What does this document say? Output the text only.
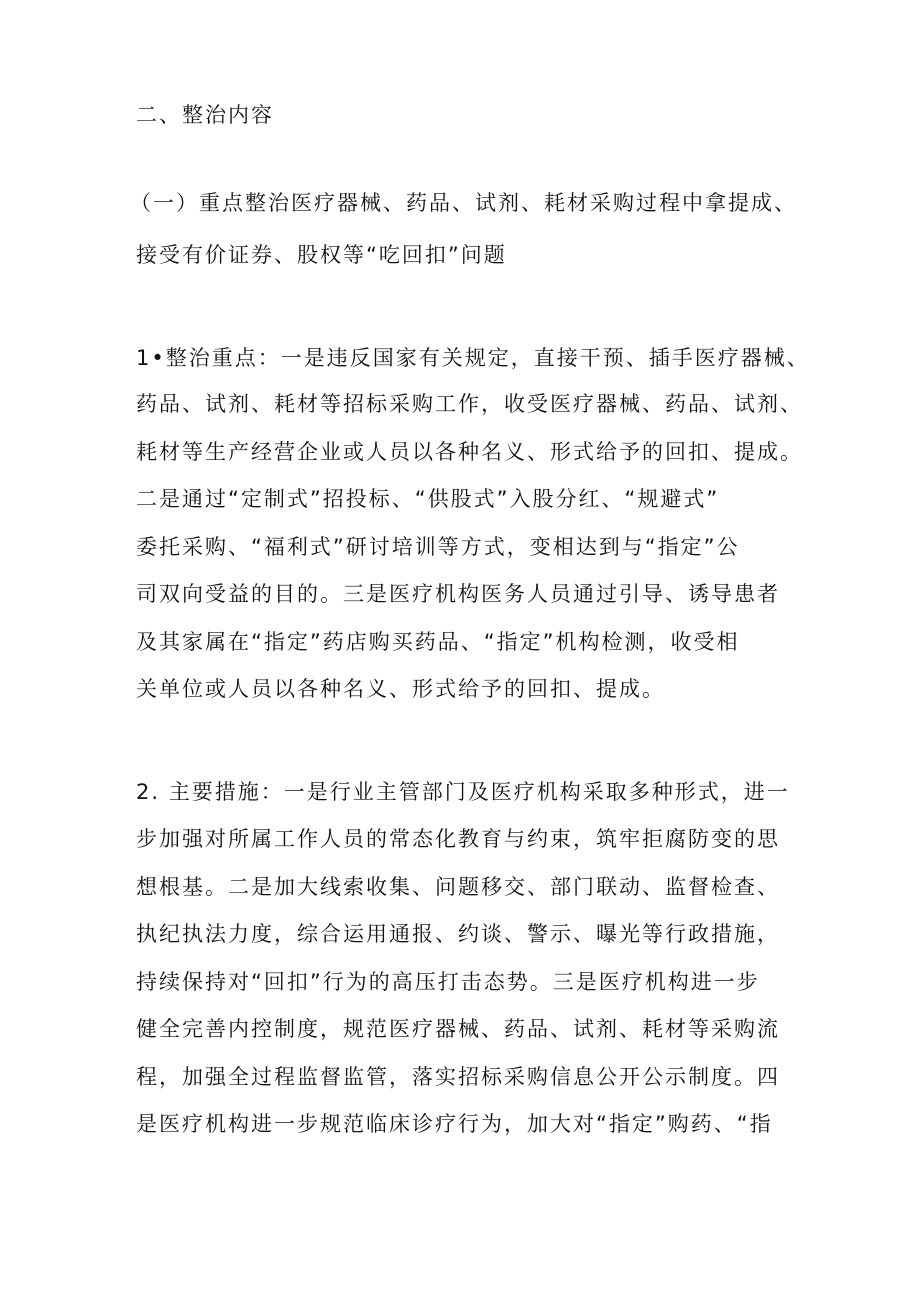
二、整治内容
（一）重点整治医疗器械、药品、试剂、耗材采购过程中拿提成、
接受有价证券、股权等“吃回扣”问题
1•整治重点：一是违反国家有关规定，直接干预、插手医疗器械、
药品、试剂、耗材等招标采购工作，收受医疗器械、药品、试剂、
耗材等生产经营企业或人员以各种名义、形式给予的回扣、提成。
二是通过“定制式”招投标、“供股式”入股分红、“规避式”
委托采购、“福利式”研讨培训等方式，变相达到与“指定”公
司双向受益的目的。三是医疗机构医务人员通过引导、诱导患者
及其家属在“指定”药店购买药品、“指定”机构检测，收受相
关单位或人员以各种名义、形式给予的回扣、提成。
2. 主要措施：一是行业主管部门及医疗机构采取多种形式，进一
步加强对所属工作人员的常态化教育与约束，筑牢拒腐防变的思
想根基。二是加大线索收集、问题移交、部门联动、监督检查、
执纪执法力度，综合运用通报、约谈、警示、曝光等行政措施，
持续保持对“回扣”行为的高压打击态势。三是医疗机构进一步
健全完善内控制度，规范医疗器械、药品、试剂、耗材等采购流
程，加强全过程监督监管，落实招标采购信息公开公示制度。四
是医疗机构进一步规范临床诊疗行为，加大对“指定”购药、“指
